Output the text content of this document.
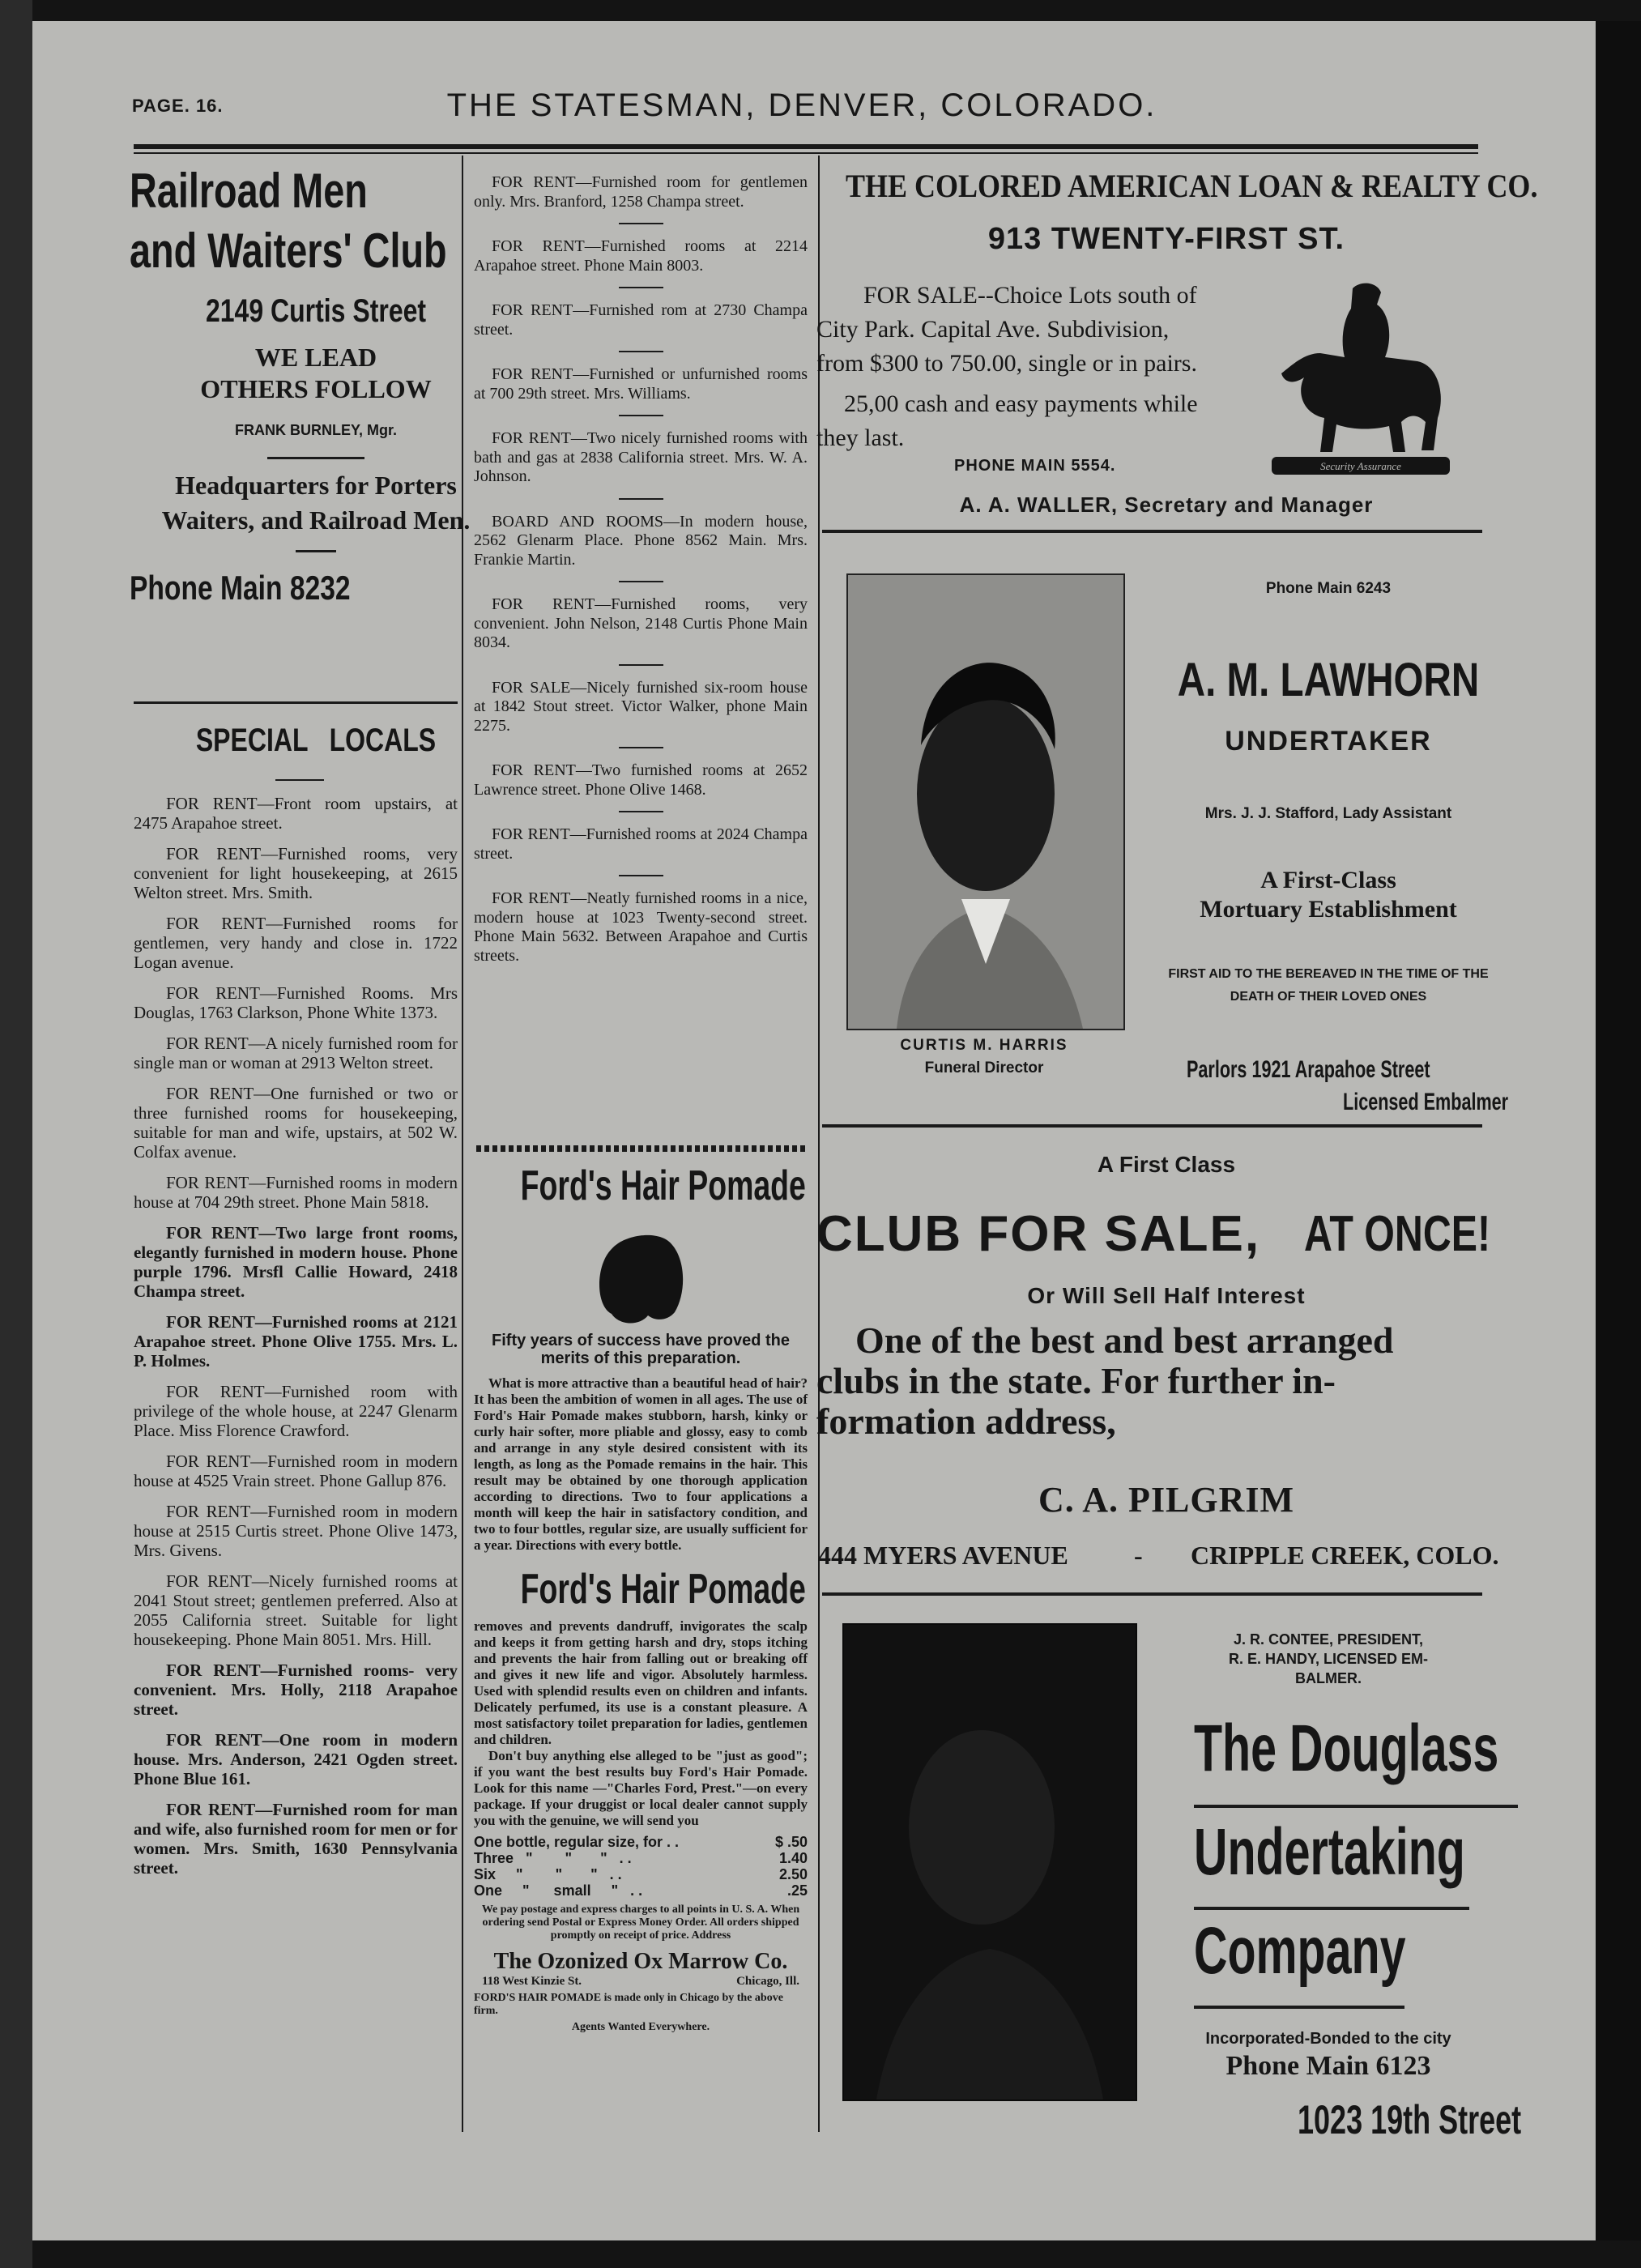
PAGE. 16.	THE STATESMAN, DENVER, COLORADO.
Railroad Men
and Waiters' Club
2149 Curtis Street
WE LEAD
OTHERS FOLLOW
FRANK BURNLEY, Mgr.
Headquarters for Porters
Waiters, and Railroad Men.
Phone Main 8232
SPECIAL   LOCALS

FOR RENT—Front room upstairs, at 2475 Arapahoe street.

FOR RENT—Furnished rooms, very convenient for light housekeeping, at 2615 Welton street. Mrs. Smith.

FOR RENT—Furnished rooms for gentlemen, very handy and close in. 1722 Logan avenue.

FOR RENT—Furnished Rooms. Mrs Douglas, 1763 Clarkson, Phone White 1373.

FOR RENT—A nicely furnished room for single man or woman at 2913 Welton street.

FOR RENT—One furnished or two or three furnished rooms for housekeeping, suitable for man and wife, upstairs, at 502 W. Colfax avenue.

FOR RENT—Furnished rooms in modern house at 704 29th street. Phone Main 5818.

FOR RENT—Two large front rooms, elegantly furnished in modern house. Phone purple 1796. Mrsfl Callie Howard, 2418 Champa street.

FOR RENT—Furnished rooms at 2121 Arapahoe street. Phone Olive 1755. Mrs. L. P. Holmes.

FOR RENT—Furnished room with privilege of the whole house, at 2247 Glenarm Place. Miss Florence Crawford.

FOR RENT—Furnished room in modern house at 4525 Vrain street. Phone Gallup 876.

FOR RENT—Furnished room in modern house at 2515 Curtis street. Phone Olive 1473, Mrs. Givens.

FOR RENT—Nicely furnished rooms at 2041 Stout street; gentlemen preferred. Also at 2055 California street. Suitable for light housekeeping. Phone Main 8051. Mrs. Hill.

FOR RENT—Furnished rooms- very convenient. Mrs. Holly, 2118 Arapahoe street.

FOR RENT—One room in modern house. Mrs. Anderson, 2421 Ogden street. Phone Blue 161.

FOR RENT—Furnished room for man and wife, also furnished room for men or for women. Mrs. Smith, 1630 Pennsylvania street.

FOR RENT—Furnished room for gentlemen only. Mrs. Branford, 1258 Champa street.

FOR RENT—Furnished rooms at 2214 Arapahoe street. Phone Main 8003.

FOR RENT—Furnished rom at 2730 Champa street.

FOR RENT—Furnished or unfurnished rooms at 700 29th street. Mrs. Williams.

FOR RENT—Two nicely furnished rooms with bath and gas at 2838 California street. Mrs. W. A. Johnson.

BOARD AND ROOMS—In modern house, 2562 Glenarm Place. Phone 8562 Main. Mrs. Frankie Martin.

FOR RENT—Furnished rooms, very convenient. John Nelson, 2148 Curtis Phone Main 8034.

FOR SALE—Nicely furnished six-room house at 1842 Stout street. Victor Walker, phone Main 2275.

FOR RENT—Two furnished rooms at 2652 Lawrence street. Phone Olive 1468.

FOR RENT—Furnished rooms at 2024 Champa street.

FOR RENT—Neatly furnished rooms in a nice, modern house at 1023 Twenty-second street. Phone Main 5632. Between Arapahoe and Curtis streets.

Ford's Hair Pomade
Fifty years of success have proved the merits of this preparation.

What is more attractive than a beautiful head of hair? It has been the ambition of women in all ages. The use of Ford's Hair Pomade makes stubborn, harsh, kinky or curly hair softer, more pliable and glossy, easy to comb and arrange in any style desired consistent with its length, as long as the Pomade remains in the hair. This result may be obtained by one thorough application according to directions. Two to four applications a month will keep the hair in satisfactory condition, and two to four bottles, regular size, are usually sufficient for a year. Directions with every bottle.

Ford's Hair Pomade

removes and prevents dandruff, invigorates the scalp and keeps it from getting harsh and dry, stops itching and prevents the hair from falling out or breaking off and gives it new life and vigor. Absolutely harmless. Used with splendid results even on children and infants. Delicately perfumed, its use is a constant pleasure. A most satisfactory toilet preparation for ladies, gentlemen and children.

Don't buy anything else alleged to be "just as good"; if you want the best results buy Ford's Hair Pomade. Look for this name —"Charles Ford, Prest."—on every package. If your druggist or local dealer cannot supply you with the genuine, we will send you

One bottle, regular size, for . .	$ .50
Three   "        "       "   . .	1.40
Six     "        "       "   . .	2.50
One     "      small     "   . .	.25
We pay postage and express charges to all points in U. S. A. When ordering send Postal or Express Money Order. All orders shipped promptly on receipt of price. Address
The Ozonized Ox Marrow Co.
118 West Kinzie St.	Chicago, Ill.
FORD'S HAIR POMADE is made only in Chicago by the above firm.
Agents Wanted Everywhere.
THE COLORED AMERICAN LOAN & REALTY CO.
913 TWENTY-FIRST ST.
FOR SALE--Choice Lots south of
City Park. Capital Ave. Subdivision,
from $300 to 750.00, single or in pairs.
25,00 cash and easy payments while
they last.
PHONE MAIN 5554.	Security Assurance
A. A. WALLER, Secretary and Manager
CURTIS M. HARRIS
Funeral Director
Phone Main 6243
A. M. LAWHORN
UNDERTAKER
Mrs. J. J. Stafford, Lady Assistant
A First-Class
Mortuary Establishment
FIRST AID TO THE BEREAVED IN THE TIME OF THE
DEATH OF THEIR LOVED ONES
Parlors 1921 Arapahoe Street
Licensed Embalmer
A First Class
CLUB FOR SALE, AT ONCE!
Or Will Sell Half Interest
One of the best and best arranged
clubs in the state. For further in-
formation address,
C. A. PILGRIM
444 MYERS AVENUE	- CRIPPLE CREEK, COLO.
J. R. CONTEE, PRESIDENT,
R. E. HANDY, LICENSED EM-
BALMER.
The Douglass
Undertaking
Company
Incorporated-Bonded to the city
Phone Main 6123
1023 19th Street
